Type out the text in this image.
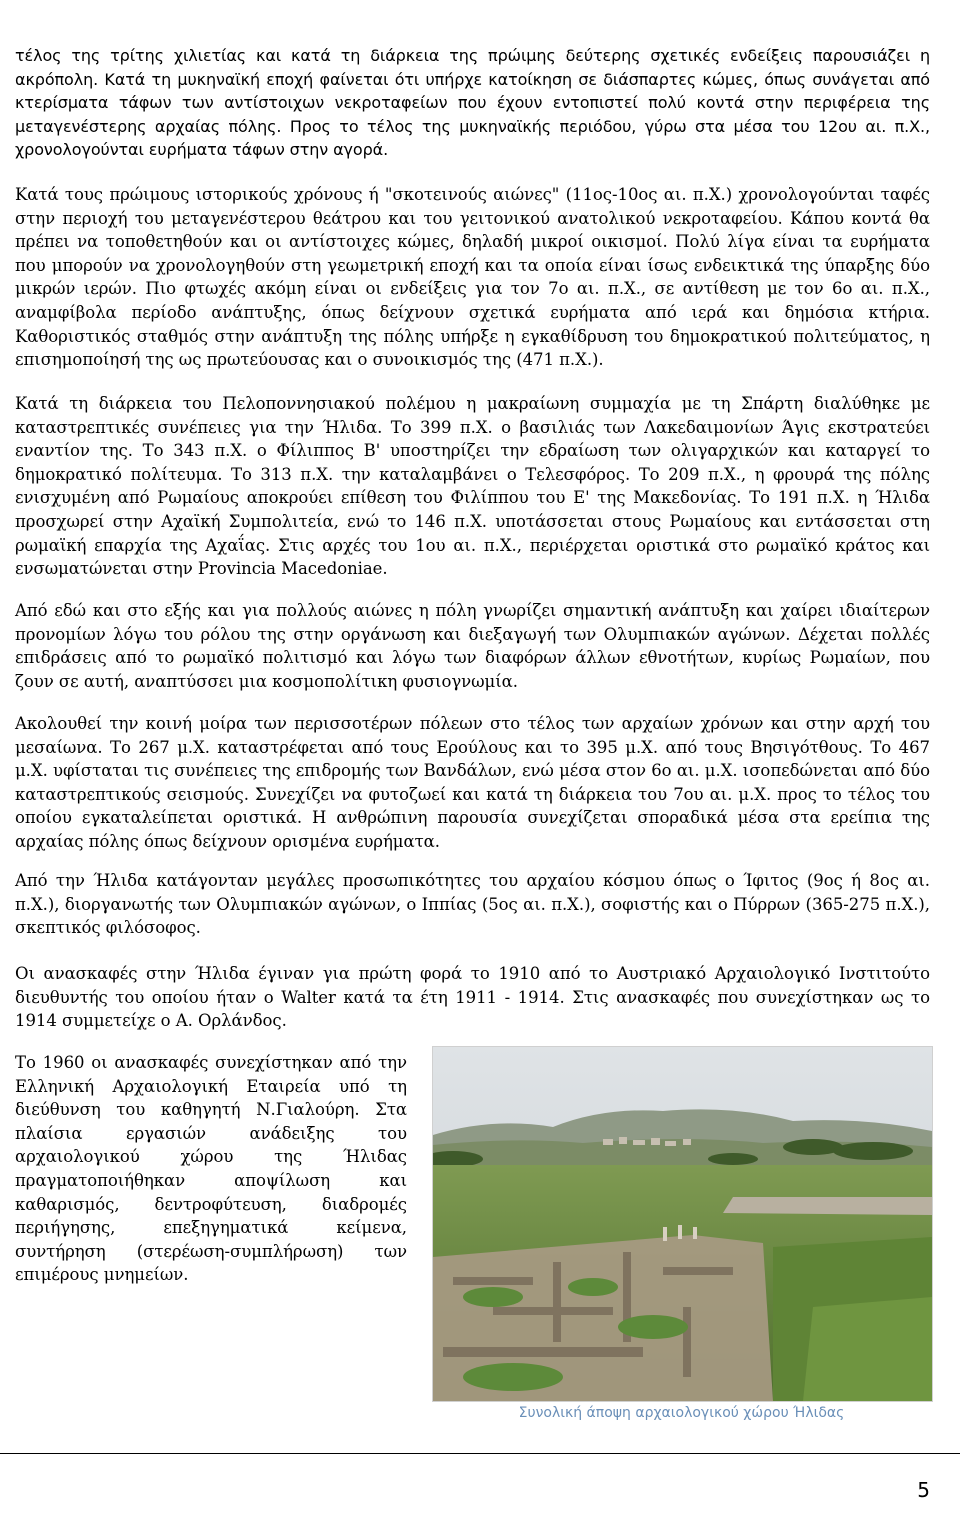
τέλος της τρίτης χιλιετίας και κατά τη διάρκεια της πρώιμης δεύτερης σχετικές ενδείξεις παρουσιάζει η ακρόπολη. Κατά τη μυκηναϊκή εποχή φαίνεται ότι υπήρχε κατοίκηση σε διάσπαρτες κώμες, όπως συνάγεται από κτερίσματα τάφων των αντίστοιχων νεκροταφείων που έχουν εντοπιστεί πολύ κοντά στην περιφέρεια της μεταγενέστερης αρχαίας πόλης. Προς το τέλος της μυκηναϊκής περιόδου, γύρω στα μέσα του 12ου αι. π.Χ., χρονολογούνται ευρήματα τάφων στην αγορά.

Κατά τους πρώιμους ιστορικούς χρόνους ή "σκοτεινούς αιώνες" (11ος-10ος αι. π.Χ.) χρονολογούνται ταφές στην περιοχή του μεταγενέστερου θεάτρου και του γειτονικού ανατολικού νεκροταφείου. Κάπου κοντά θα πρέπει να τοποθετηθούν και οι αντίστοιχες κώμες, δηλαδή μικροί οικισμοί. Πολύ λίγα είναι τα ευρήματα που μπορούν να χρονολογηθούν στη γεωμετρική εποχή και τα οποία είναι ίσως ενδεικτικά της ύπαρξης δύο μικρών ιερών. Πιο φτωχές ακόμη είναι οι ενδείξεις για τον 7ο αι. π.Χ., σε αντίθεση με τον 6ο αι. π.Χ., αναμφίβολα περίοδο ανάπτυξης, όπως δείχνουν σχετικά ευρήματα από ιερά και δημόσια κτήρια. Καθοριστικός σταθμός στην ανάπτυξη της πόλης υπήρξε η εγκαθίδρυση του δημοκρατικού πολιτεύματος, η επισημοποίησή της ως πρωτεύουσας και ο συνοικισμός της (471 π.Χ.).

Κατά τη διάρκεια του Πελοποννησιακού πολέμου η μακραίωνη συμμαχία με τη Σπάρτη διαλύθηκε με καταστρεπτικές συνέπειες για την Ήλιδα. Το 399 π.Χ. ο βασιλιάς των Λακεδαιμονίων Άγις εκστρατεύει εναντίον της. Το 343 π.Χ. ο Φίλιππος Β' υποστηρίζει την εδραίωση των ολιγαρχικών και καταργεί το δημοκρατικό πολίτευμα. Το 313 π.Χ. την καταλαμβάνει ο Τελεσφόρος. Το 209 π.Χ., η φρουρά της πόλης ενισχυμένη από Ρωμαίους αποκρούει επίθεση του Φιλίππου του Ε' της Μακεδονίας. Το 191 π.Χ. η Ήλιδα προσχωρεί στην Αχαϊκή Συμπολιτεία, ενώ το 146 π.Χ. υποτάσσεται στους Ρωμαίους και εντάσσεται στη ρωμαϊκή επαρχία της Αχαΐας. Στις αρχές του 1ου αι. π.Χ., περιέρχεται οριστικά στο ρωμαϊκό κράτος και ενσωματώνεται στην Provincia Macedoniae.

Από εδώ και στο εξής και για πολλούς αιώνες η πόλη γνωρίζει σημαντική ανάπτυξη και χαίρει ιδιαίτερων προνομίων λόγω του ρόλου της στην οργάνωση και διεξαγωγή των Ολυμπιακών αγώνων. Δέχεται πολλές επιδράσεις από το ρωμαϊκό πολιτισμό και λόγω των διαφόρων άλλων εθνοτήτων, κυρίως Ρωμαίων, που ζουν σε αυτή, αναπτύσσει μια κοσμοπολίτικη φυσιογνωμία.

Ακολουθεί την κοινή μοίρα των περισσοτέρων πόλεων στο τέλος των αρχαίων χρόνων και στην αρχή του μεσαίωνα. Το 267 μ.Χ. καταστρέφεται από τους Ερούλους και το 395 μ.Χ. από τους Βησιγότθους. Το 467 μ.Χ. υφίσταται τις συνέπειες της επιδρομής των Βανδάλων, ενώ μέσα στον 6ο αι. μ.Χ. ισοπεδώνεται από δύο καταστρεπτικούς σεισμούς. Συνεχίζει να φυτοζωεί και κατά τη διάρκεια του 7ου αι. μ.Χ. προς το τέλος του οποίου εγκαταλείπεται οριστικά. Η ανθρώπινη παρουσία συνεχίζεται σποραδικά μέσα στα ερείπια της αρχαίας πόλης όπως δείχνουν ορισμένα ευρήματα.

Από την Ήλιδα κατάγονταν μεγάλες προσωπικότητες του αρχαίου κόσμου όπως ο Ίφιτος (9ος ή 8ος αι. π.Χ.), διοργανωτής των Ολυμπιακών αγώνων, ο Ιππίας (5ος αι. π.Χ.), σοφιστής και ο Πύρρων (365-275 π.Χ.), σκεπτικός φιλόσοφος.

Οι ανασκαφές στην Ήλιδα έγιναν για πρώτη φορά το 1910 από το Αυστριακό Αρχαιολογικό Ινστιτούτο διευθυντής του οποίου ήταν ο Walter κατά τα έτη 1911 - 1914. Στις ανασκαφές που συνεχίστηκαν ως το 1914 συμμετείχε ο Α. Ορλάνδος.

Το 1960 οι ανασκαφές συνεχίστηκαν από την Ελληνική Αρχαιολογική Εταιρεία υπό τη διεύθυνση του καθηγητή Ν.Γιαλούρη. Στα πλαίσια εργασιών ανάδειξης του αρχαιολογικού χώρου της Ήλιδας πραγματοποιήθηκαν αποψίλωση και καθαρισμός, δεντροφύτευση, διαδρομές περιήγησης, επεξηγηματικά κείμενα, συντήρηση (στερέωση-συμπλήρωση) των επιμέρους μνημείων.

Συνολική άποψη αρχαιολογικού χώρου Ήλιδας
5
